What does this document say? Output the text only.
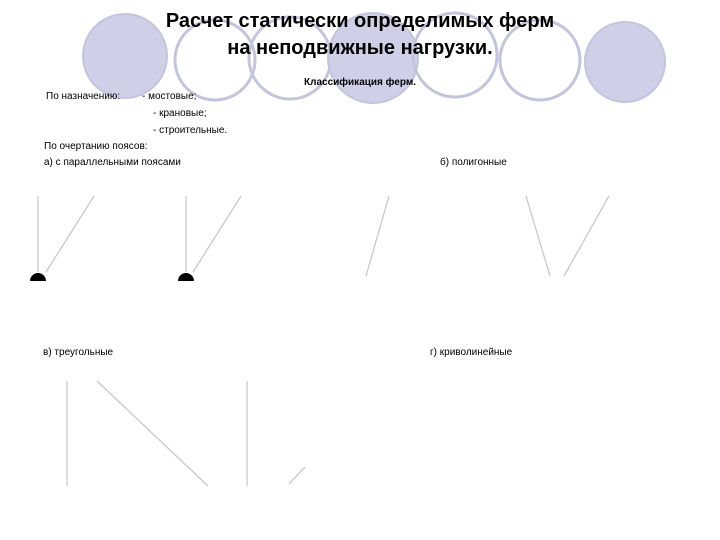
Расчет статически определимых ферм
на неподвижные нагрузки.
Классификация ферм.
По назначению: - мостовые;
- крановые;
- строительные.
По очертанию поясов:
а) с параллельными поясами	б) полигонные
в) треугольные	г) криволинейные
